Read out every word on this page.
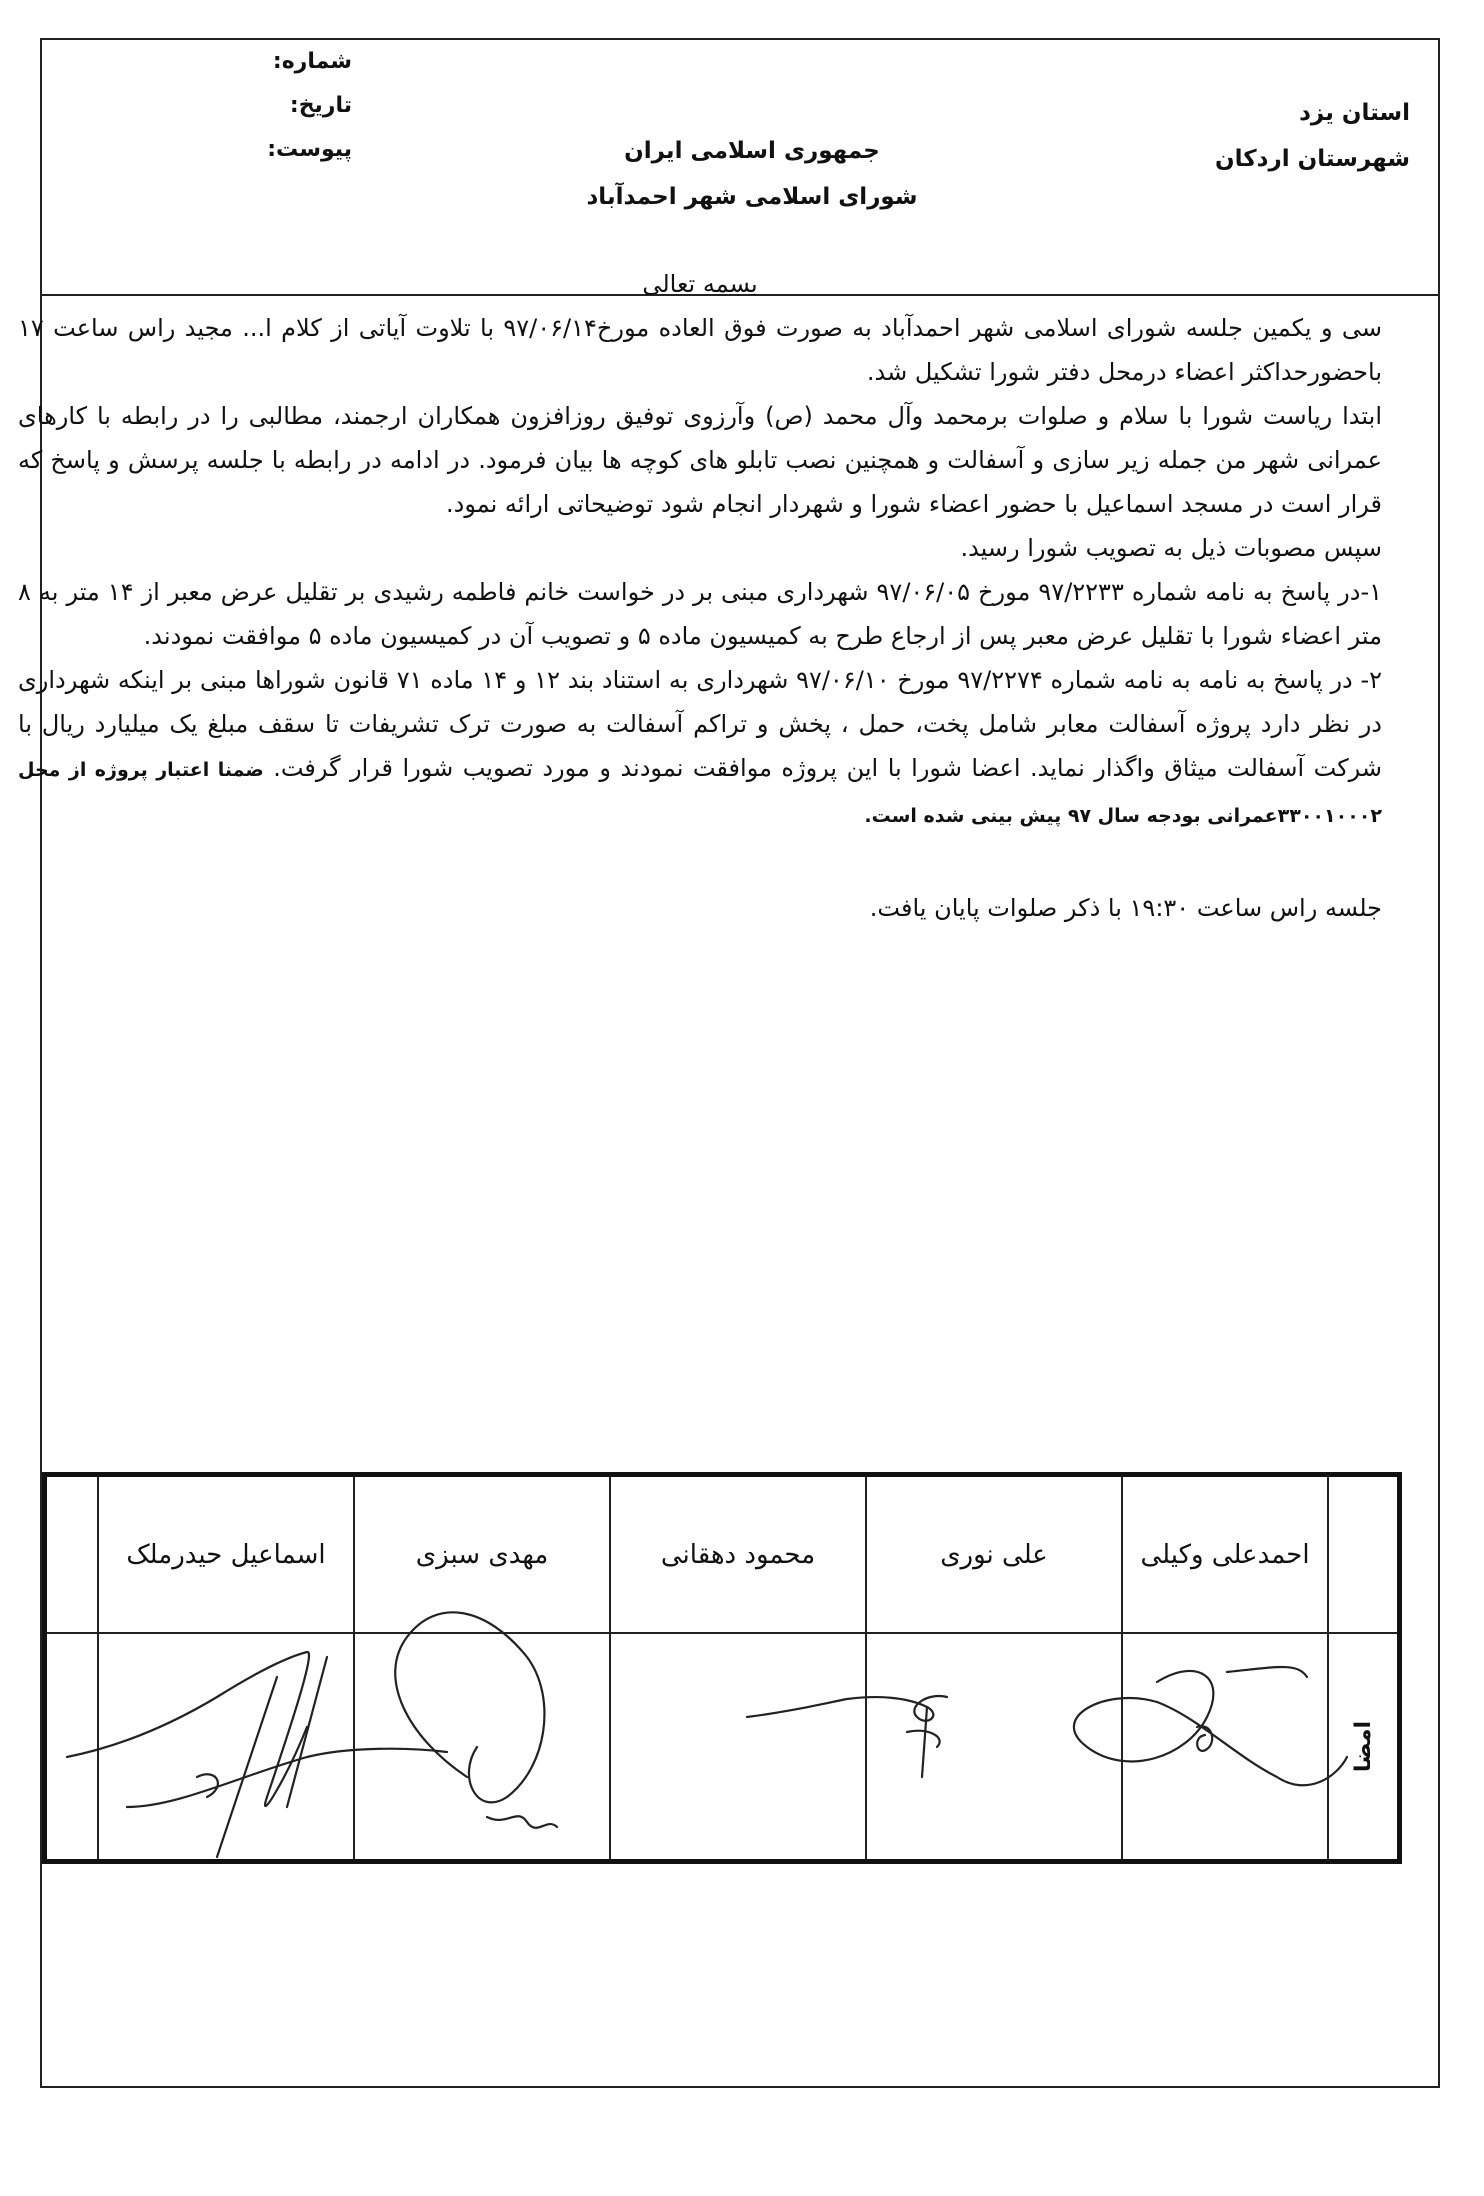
استان یزد
شهرستان اردکان
جمهوری اسلامی ایران
شورای اسلامی شهر احمدآباد
شماره:
تاریخ:
پیوست:

بسمه تعالی

سی و یکمین جلسه شورای اسلامی شهر احمدآباد به صورت فوق العاده مورخ۹۷/۰۶/۱۴ با تلاوت آیاتی از کلام ا... مجید راس ساعت ۱۷ باحضورحداکثر اعضاء درمحل دفتر شورا تشکیل شد.

ابتدا ریاست شورا با سلام و صلوات برمحمد وآل محمد (ص) وآرزوی توفیق روزافزون همکاران ارجمند، مطالبی را در رابطه با کارهای عمرانی شهر من جمله زیر سازی و آسفالت و همچنین نصب تابلو های کوچه ها بیان فرمود. در ادامه در رابطه با جلسه پرسش و پاسخ که قرار است در مسجد اسماعیل با حضور اعضاء شورا و شهردار انجام شود توضیحاتی ارائه نمود.

سپس مصوبات ذیل به تصویب شورا رسید.

۱-در پاسخ به نامه شماره ۹۷/۲۲۳۳ مورخ ۹۷/۰۶/۰۵ شهرداری مبنی بر در خواست خانم فاطمه رشیدی بر تقلیل عرض معبر از ۱۴ متر به ۸ متر اعضاء شورا با تقلیل عرض معبر پس از ارجاع طرح به کمیسیون ماده ۵ و تصویب آن در کمیسیون ماده ۵ موافقت نمودند.

۲- در پاسخ به نامه به نامه شماره ۹۷/۲۲۷۴ مورخ ۹۷/۰۶/۱۰ شهرداری به استناد بند ۱۲ و ۱۴ ماده ۷۱ قانون شوراها مبنی بر اینکه شهرداری در نظر دارد پروژه آسفالت معابر شامل پخت، حمل ، پخش و تراکم آسفالت به صورت ترک تشریفات تا سقف مبلغ یک میلیارد ریال با شرکت آسفالت میثاق واگذار نماید. اعضا شورا با این پروژه موافقت نمودند و مورد تصویب شورا قرار گرفت. ضمنا اعتبار پروژه از محل ۳۳۰۰۱۰۰۰۲عمرانی بودجه سال ۹۷ پیش بینی شده است.

جلسه راس ساعت ۱۹:۳۰ با ذکر صلوات پایان یافت.

احمدعلی وکیلی
علی نوری
محمود دهقانی
مهدی سبزی
اسماعیل حیدرملک
امضا
